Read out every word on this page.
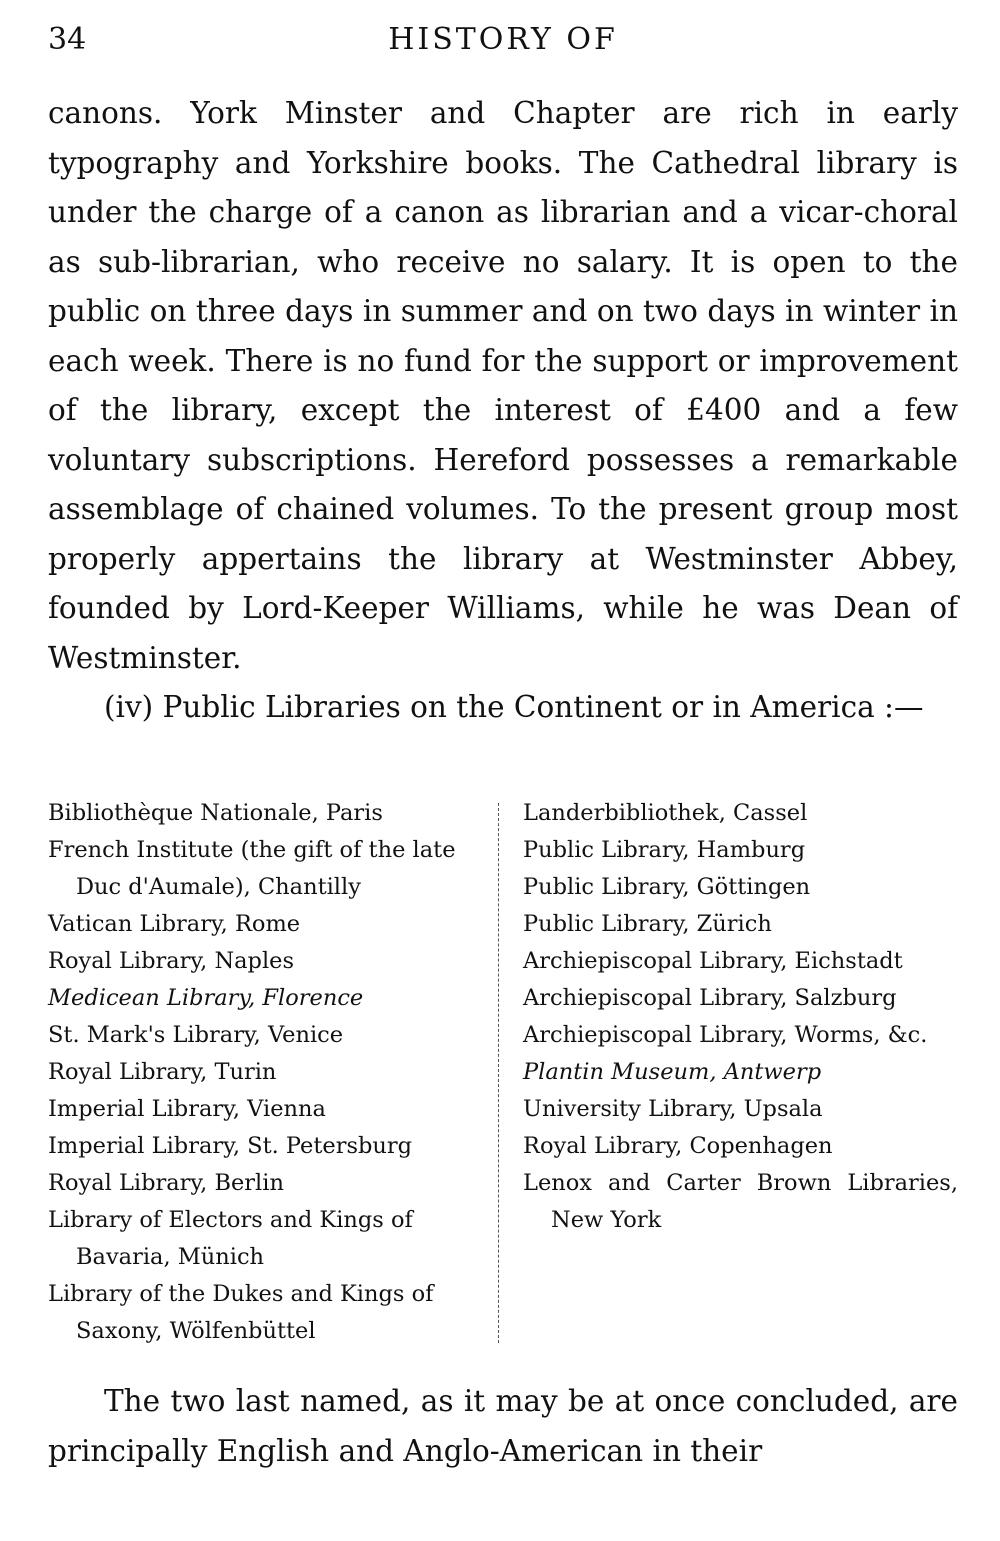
34	HISTORY OF

canons. York Minster and Chapter are rich in early typography and Yorkshire books. The Cathedral library is under the charge of a canon as librarian and a vicar-choral as sub-librarian, who receive no salary. It is open to the public on three days in summer and on two days in winter in each week. There is no fund for the support or improvement of the library, except the interest of £400 and a few voluntary subscriptions. Hereford possesses a remarkable assemblage of chained volumes. To the present group most properly appertains the library at Westminster Abbey, founded by Lord-Keeper Williams, while he was Dean of Westminster.

(iv) Public Libraries on the Continent or in America :—

Bibliothèque Nationale, Paris
French Institute (the gift of the late Duc d'Aumale), Chantilly
Vatican Library, Rome
Royal Library, Naples
Medicean Library, Florence
St. Mark's Library, Venice
Royal Library, Turin
Imperial Library, Vienna
Imperial Library, St. Petersburg
Royal Library, Berlin
Library of Electors and Kings of Bavaria, Münich
Library of the Dukes and Kings of Saxony, Wölfenbüttel
Landerbibliothek, Cassel
Public Library, Hamburg
Public Library, Göttingen
Public Library, Zürich
Archiepiscopal Library, Eichstadt
Archiepiscopal Library, Salzburg
Archiepiscopal Library, Worms, &c.
Plantin Museum, Antwerp
University Library, Upsala
Royal Library, Copenhagen
Lenox and Carter Brown Libraries, New York

The two last named, as it may be at once concluded, are principally English and Anglo-American in their
